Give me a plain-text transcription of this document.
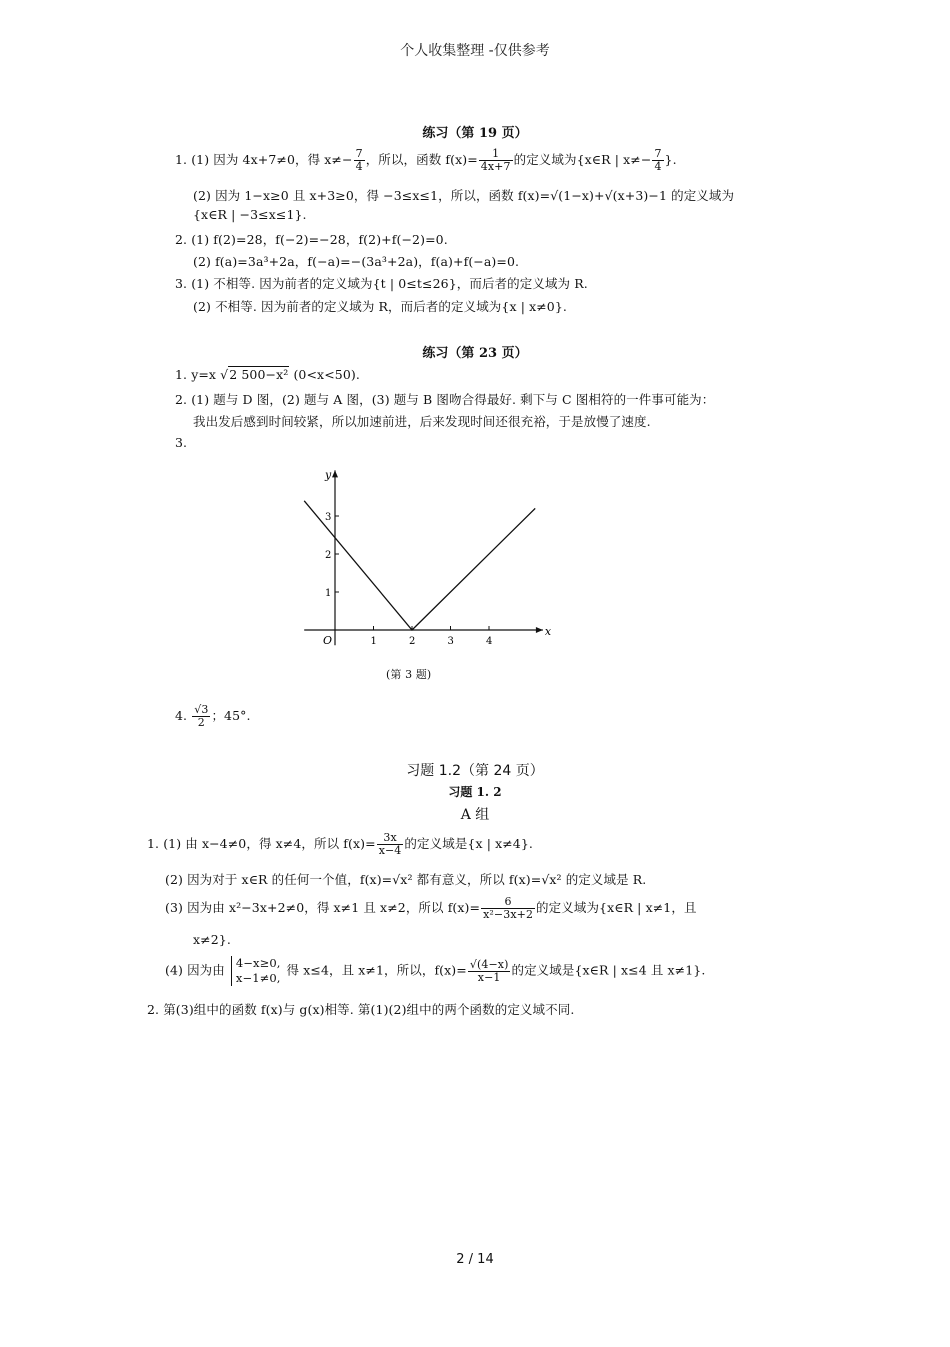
个人收集整理 -仅供参考
练习（第 19 页）
1. (1) 因为 4x+7≠0，得 $x\ne- \frac{7}{4}$ ，所以，函数 $f(x)= \frac{1}{4x+7}$ 的定义域为{x∈R | $x\ne- \frac{7}{4}$ }.
(2) 因为 1−x≥0 且 x+3≥0，得 −3≤x≤1，所以，函数 f(x)=√(1−x)+√(x+3)−1 的定义域为
{x∈R | −3≤x≤1}.
2. (1) f(2)=28，f(−2)=−28，f(2)+f(−2)=0.
(2) f(a)=3a³+2a，f(−a)=−(3a³+2a)，f(a)+f(−a)=0.
3. (1) 不相等. 因为前者的定义域为{t | 0≤t≤26}，而后者的定义域为 R.
(2) 不相等. 因为前者的定义域为 R，而后者的定义域为{x | x≠0}.
练习（第 23 页）
1. y=x √2 500−x² (0<x<50).
2. (1) 题与 D 图，(2) 题与 A 图，(3) 题与 B 图吻合得最好. 剩下与 C 图相符的一件事可能为：
我出发后感到时间较紧，所以加速前进，后来发现时间还很充裕，于是放慢了速度.
3.
x
y
O	1	2	3	4
1
2
3
(第 3 题)
4. $\frac{√3}{2}$ ；45°.
习题 1.2（第 24 页）
习题 1. 2
A 组
1. (1) 由 x−4≠0，得 x≠4，所以 $f(x)= \frac{3x}{x-4}$ 的定义域是{x | x≠4}.
(2) 因为对于 x∈R 的任何一个值，f(x)=√x² 都有意义，所以 f(x)=√x² 的定义域是 R.
(3) 因为由 x²−3x+2≠0，得 x≠1 且 x≠2，所以 $f(x)= \frac{6}{\text{x²−3x+2}}$ 的定义域为{x∈R | x≠1，且
x≠2}.
(4) 因为由 4−x≥0,
x−1≠0,
得 x≤4，且 x≠1，所以，$f(x)= \frac{√(4-x)}{x-1}$ 的定义域是{x∈R | x≤4 且 x≠1}.
2. 第(3)组中的函数 f(x)与 g(x)相等. 第(1)(2)组中的两个函数的定义域不同.
2 / 14
